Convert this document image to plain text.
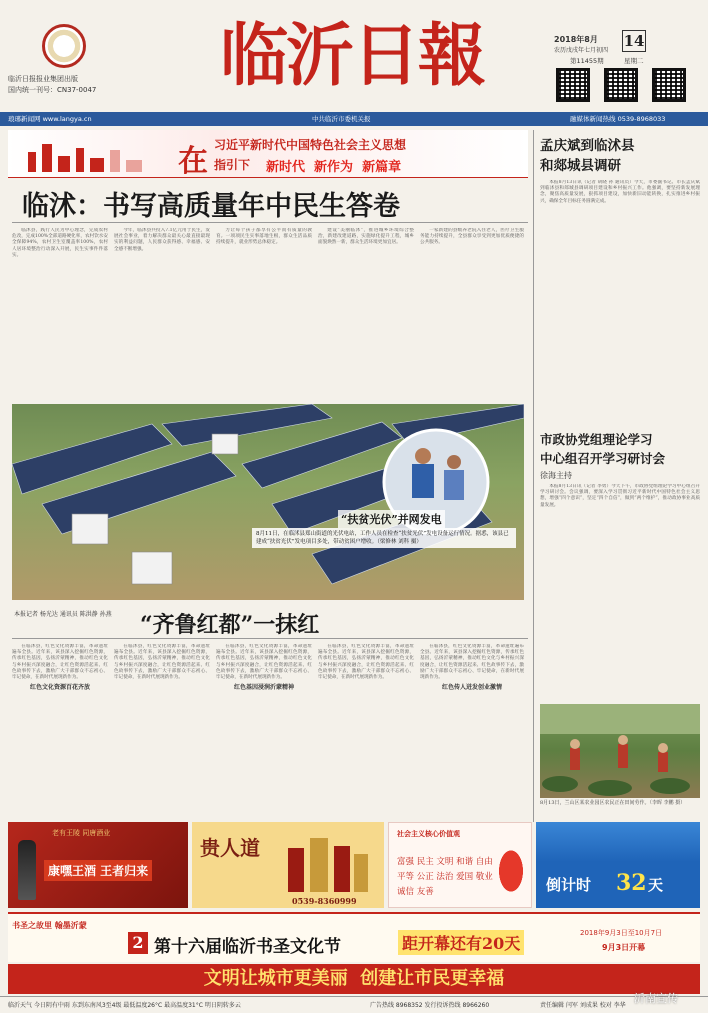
临沂日报报业集团出版
国内统一刊号：CN37-0047	临沂日報	2018年8月 14
农历戊戌年七月初四
第11455期	星期二
琅琊新闻网 www.langya.cn	中共临沂市委机关报	融媒体新闻热线 0539-8968033
在 习近平新时代中国特色社会主义思想
指引下 新时代  新作为  新篇章
临沭：书写高质量年中民生答卷

临沭县，践行人民为中心理念，完成农村危改，完成100%全部道路硬化率，农村饮水安全保障94%，农村卫生室覆盖率100%，农村人居环境整治行动深入开展，民生实事件件落实。

今年，临沭县共投入7.1亿元用于民生，发展社会事业，着力解决群众最关心最直接最现实的利益问题，人民群众获得感、幸福感、安全感不断增强。

力让每个孩子都享有公平而有质量的教育。一项项民生实事落地生根，群众生活品质持续提升，就业形势总体稳定。

建设“美丽临沭”，推进城乡环境综合整治，新建改建道路，实施绿化提升工程，城乡面貌焕然一新，群众生活环境更加宜居。

一家新建的县级养老院入住老人，医疗卫生服务能力持续提升，全县群众享受到更加优质便捷的公共服务。

“扶贫光伏”并网发电
8月11日，在临沭县郑山街道的光伏电站，工作人员在检查“扶贫光伏”发电设备运行情况。据悉，该县已建成“扶贫光伏”发电项目多处，带动贫困户增收。（梁修林 刘科 摄）
“齐鲁红都”一抹红
本报记者 杨光达 通讯员 陈洪静 孙燕

在临沭县，红色文化资源丰富，革命遗址遍布全县。近年来，该县深入挖掘红色资源，传承红色基因，弘扬沂蒙精神，推动红色文化与乡村振兴深度融合，让红色资源活起来、红色故事传下去，激励广大干部群众不忘初心、牢记使命，在新时代展现新作为。

红色文化资源百花齐放

在临沭县，红色文化资源丰富，革命遗址遍布全县。近年来，该县深入挖掘红色资源，传承红色基因，弘扬沂蒙精神，推动红色文化与乡村振兴深度融合，让红色资源活起来、红色故事传下去，激励广大干部群众不忘初心、牢记使命，在新时代展现新作为。

在临沭县，红色文化资源丰富，革命遗址遍布全县。近年来，该县深入挖掘红色资源，传承红色基因，弘扬沂蒙精神，推动红色文化与乡村振兴深度融合，让红色资源活起来、红色故事传下去，激励广大干部群众不忘初心、牢记使命，在新时代展现新作为。

红色基因浸润沂蒙精神

在临沭县，红色文化资源丰富，革命遗址遍布全县。近年来，该县深入挖掘红色资源，传承红色基因，弘扬沂蒙精神，推动红色文化与乡村振兴深度融合，让红色资源活起来、红色故事传下去，激励广大干部群众不忘初心、牢记使命，在新时代展现新作为。

在临沭县，红色文化资源丰富，革命遗址遍布全县。近年来，该县深入挖掘红色资源，传承红色基因，弘扬沂蒙精神，推动红色文化与乡村振兴深度融合，让红色资源活起来、红色故事传下去，激励广大干部群众不忘初心、牢记使命，在新时代展现新作为。

红色传人迸发创业激情
孟庆斌到临沭县
和郯城县调研

本报8月13日讯（记者 胡晓 孙 通讯员）今天，市委副书记、市长孟庆斌到临沭县和郯城县调研项目建设和乡村振兴工作。他强调，要坚持新发展理念，聚焦高质量发展，狠抓项目建设，加快新旧动能转换，扎实推进乡村振兴，确保全年目标任务圆满完成。

市政协党组理论学习
中心组召开学习研讨会
徐海主持

本报8月13日讯（记者 李勇）今天下午，市政协党组理论学习中心组召开学习研讨会。会议强调，要深入学习贯彻习近平新时代中国特色社会主义思想，增强“四个意识”，坚定“四个自信”，做到“两个维护”，推动政协事业高质量发展。

8月13日，兰山区某农业园区农民正在田间劳作。（李晖 李鹏 摄）
老有王陵 同唐酒业
康嘿王酒 王者归来
贵人道
0539-8360999
社会主义核心价值观
富强 民主 文明 和谐 自由 平等 公正 法治 爱国 敬业 诚信 友善	倒计时 32 天
书圣之故里 翰墨沂蒙
2 第十六届临沂书圣文化节	距开幕还有20天
2018年9月3日至10月7日
9月3日开幕
文明让城市更美丽  创建让市民更幸福
临沂天气 今日阴有中雨 东到东南风3至4级 最低温度26°C 最高温度31°C 明日阴转多云	广告热线 8968352 发行投诉热线 8966260	责任编辑 闫军 刘成果 校对 李华
沂南宣传
